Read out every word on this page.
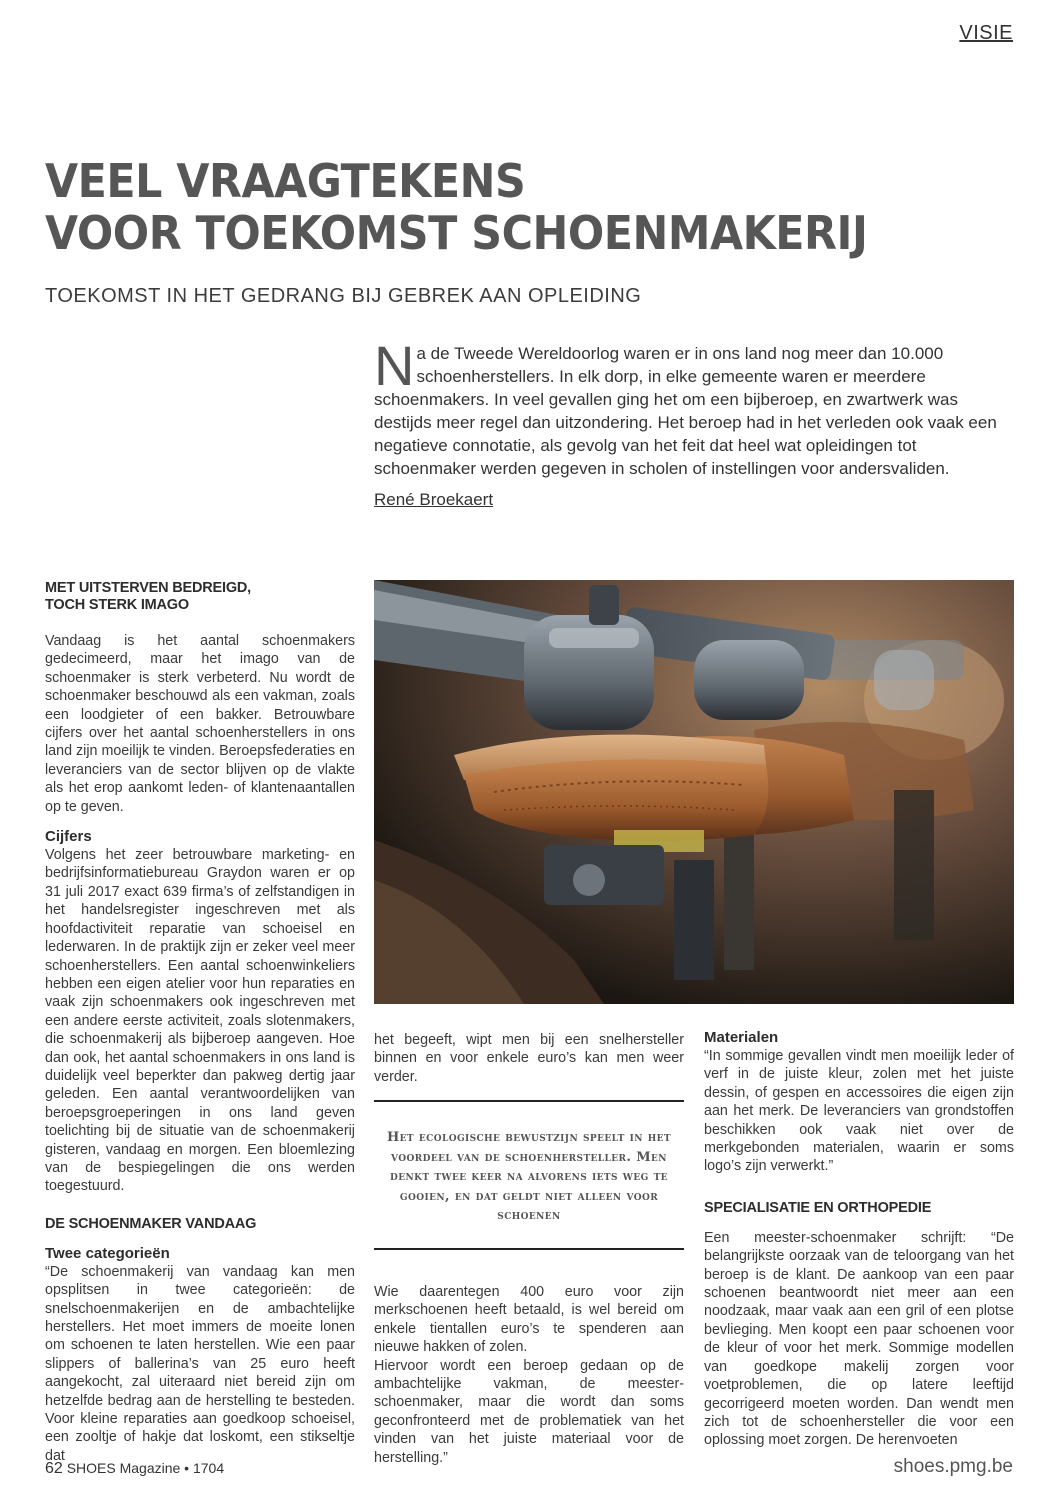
VISIE
VEEL VRAAGTEKENS
VOOR TOEKOMST SCHOENMAKERIJ
TOEKOMST IN HET GEDRANG BIJ GEBREK AAN OPLEIDING
Na de Tweede Wereldoorlog waren er in ons land nog meer dan 10.000 schoenherstellers. In elk dorp, in elke gemeente waren er meerdere schoenmakers. In veel gevallen ging het om een bijberoep, en zwartwerk was destijds meer regel dan uitzondering. Het beroep had in het verleden ook vaak een negatieve connotatie, als gevolg van het feit dat heel wat opleidingen tot schoenmaker werden gegeven in scholen of instellingen voor andersvaliden.
René Broekaert
MET UITSTERVEN BEDREIGD,
TOCH STERK IMAGO

Vandaag is het aantal schoenmakers gedecimeerd, maar het imago van de schoenmaker is sterk verbeterd. Nu wordt de schoenmaker beschouwd als een vakman, zoals een loodgieter of een bakker. Betrouwbare cijfers over het aantal schoenherstellers in ons land zijn moeilijk te vinden. Beroepsfederaties en leveranciers van de sector blijven op de vlakte als het erop aankomt leden- of klantenaantallen op te geven.

Cijfers

Volgens het zeer betrouwbare marketing- en bedrijfsinformatiebureau Graydon waren er op 31 juli 2017 exact 639 firma’s of zelfstandigen in het handelsregister ingeschreven met als hoofdactiviteit reparatie van schoeisel en lederwaren. In de praktijk zijn er zeker veel meer schoenherstellers. Een aantal schoenwinkeliers hebben een eigen atelier voor hun reparaties en vaak zijn schoenmakers ook ingeschreven met een andere eerste activiteit, zoals slotenmakers, die schoenmakerij als bijberoep aangeven. Hoe dan ook, het aantal schoenmakers in ons land is duidelijk veel beperkter dan pakweg dertig jaar geleden. Een aantal verantwoordelijken van beroepsgroeperingen in ons land geven toelichting bij de situatie van de schoenmakerij gisteren, vandaag en morgen. Een bloemlezing van de bespiegelingen die ons werden toegestuurd.

DE SCHOENMAKER VANDAAG
Twee categorieën

“De schoenmakerij van vandaag kan men opsplitsen in twee categorieën: de snelschoenmakerijen en de ambachtelijke herstellers. Het moet immers de moeite lonen om schoenen te laten herstellen. Wie een paar slippers of ballerina’s van 25 euro heeft aangekocht, zal uiteraard niet bereid zijn om hetzelfde bedrag aan de herstelling te besteden. Voor kleine reparaties aan goedkoop schoeisel, een zooltje of hakje dat loskomt, een stikseltje dat

het begeeft, wipt men bij een snelhersteller binnen en voor enkele euro’s kan men weer verder.

Het ecologische bewustzijn speelt in het voordeel van de schoenhersteller. Men denkt twee keer na alvorens iets weg te gooien, en dat geldt niet alleen voor schoenen

Wie daarentegen 400 euro voor zijn merkschoenen heeft betaald, is wel bereid om enkele tientallen euro’s te spenderen aan nieuwe hakken of zolen.

Hiervoor wordt een beroep gedaan op de ambachtelijke vakman, de meester-schoenmaker, maar die wordt dan soms geconfronteerd met de problematiek van het vinden van het juiste materiaal voor de herstelling.”

Materialen

“In sommige gevallen vindt men moeilijk leder of verf in de juiste kleur, zolen met het juiste dessin, of gespen en accessoires die eigen zijn aan het merk. De leveranciers van grondstoffen beschikken ook vaak niet over de merkgebonden materialen, waarin er soms logo’s zijn verwerkt.”

SPECIALISATIE EN ORTHOPEDIE

Een meester-schoenmaker schrijft: “De belangrijkste oorzaak van de teloorgang van het beroep is de klant. De aankoop van een paar schoenen beantwoordt niet meer aan een noodzaak, maar vaak aan een gril of een plotse bevlieging. Men koopt een paar schoenen voor de kleur of voor het merk. Sommige modellen van goedkope makelij zorgen voor voetproblemen, die op latere leeftijd gecorrigeerd moeten worden. Dan wendt men zich tot de schoenhersteller die voor een oplossing moet zorgen. De herenvoeten

62 SHOES Magazine • 1704	shoes.pmg.be
